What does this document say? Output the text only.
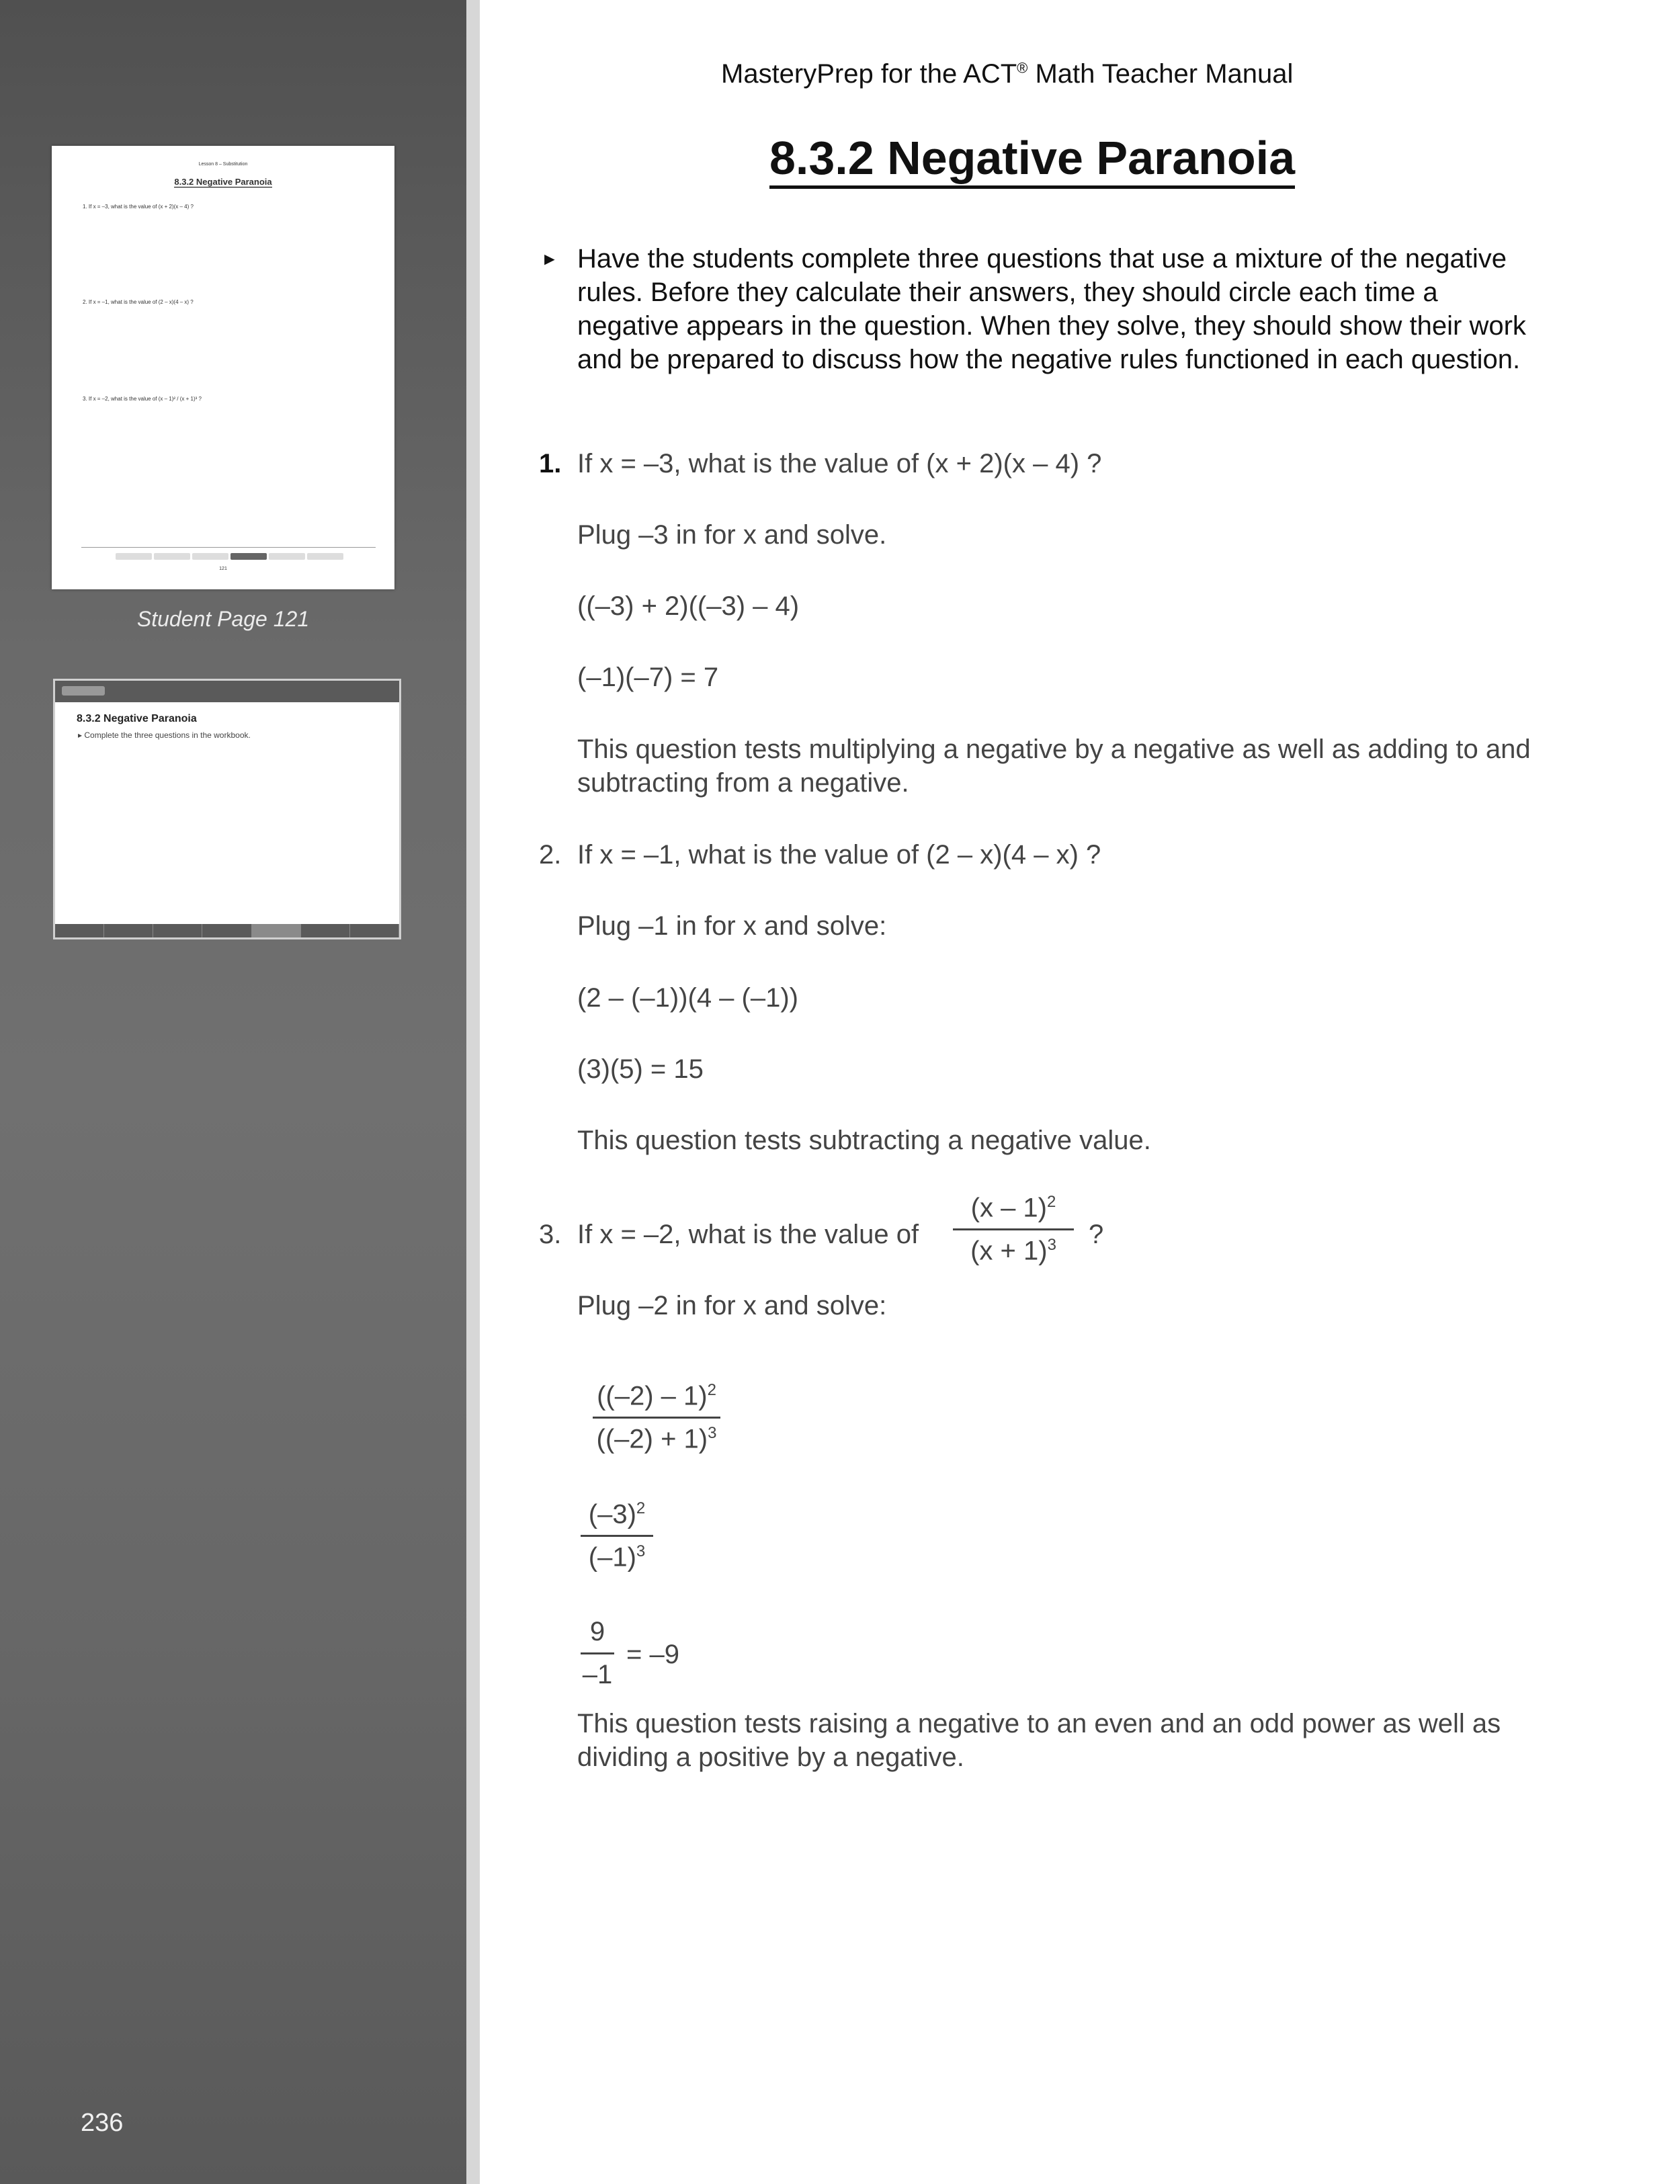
Lesson 8 – Substitution
8.3.2 Negative Paranoia
1. If x = –3, what is the value of (x + 2)(x – 4) ?
2. If x = –1, what is the value of (2 – x)(4 – x) ?
3. If x = –2, what is the value of (x – 1)² / (x + 1)³ ?
121
Student Page 121
8.3.2 Negative Paranoia
▸ Complete the three questions in the workbook.
236
MasteryPrep for the ACT® Math Teacher Manual
8.3.2 Negative Paranoia
► Have the students complete three questions that use a mixture of the negative rules. Before they calculate their answers, they should circle each time a negative appears in the question. When they solve, they should show their work and be prepared to discuss how the negative rules functioned in each question.
1. If x = –3, what is the value of (x + 2)(x – 4) ?
Plug –3 in for x and solve.
((–3) + 2)((–3) – 4)
(–1)(–7) = 7
This question tests multiplying a negative by a negative as well as adding to and subtracting from a negative.
2. If x = –1, what is the value of (2 – x)(4 – x) ?
Plug –1 in for x and solve:
(2 – (–1))(4 – (–1))
(3)(5) = 15
This question tests subtracting a negative value.
3. If x = –2, what is the value of
(x – 1)$^2$
$(x + 1)^3$	?
Plug –2 in for x and solve:
((–2) – 1)$^2$
$((-2) + 1)^3$
$(-3)^2$
$(-1)^3$
9
–1
= –9
This question tests raising a negative to an even and an odd power as well as dividing a positive by a negative.
